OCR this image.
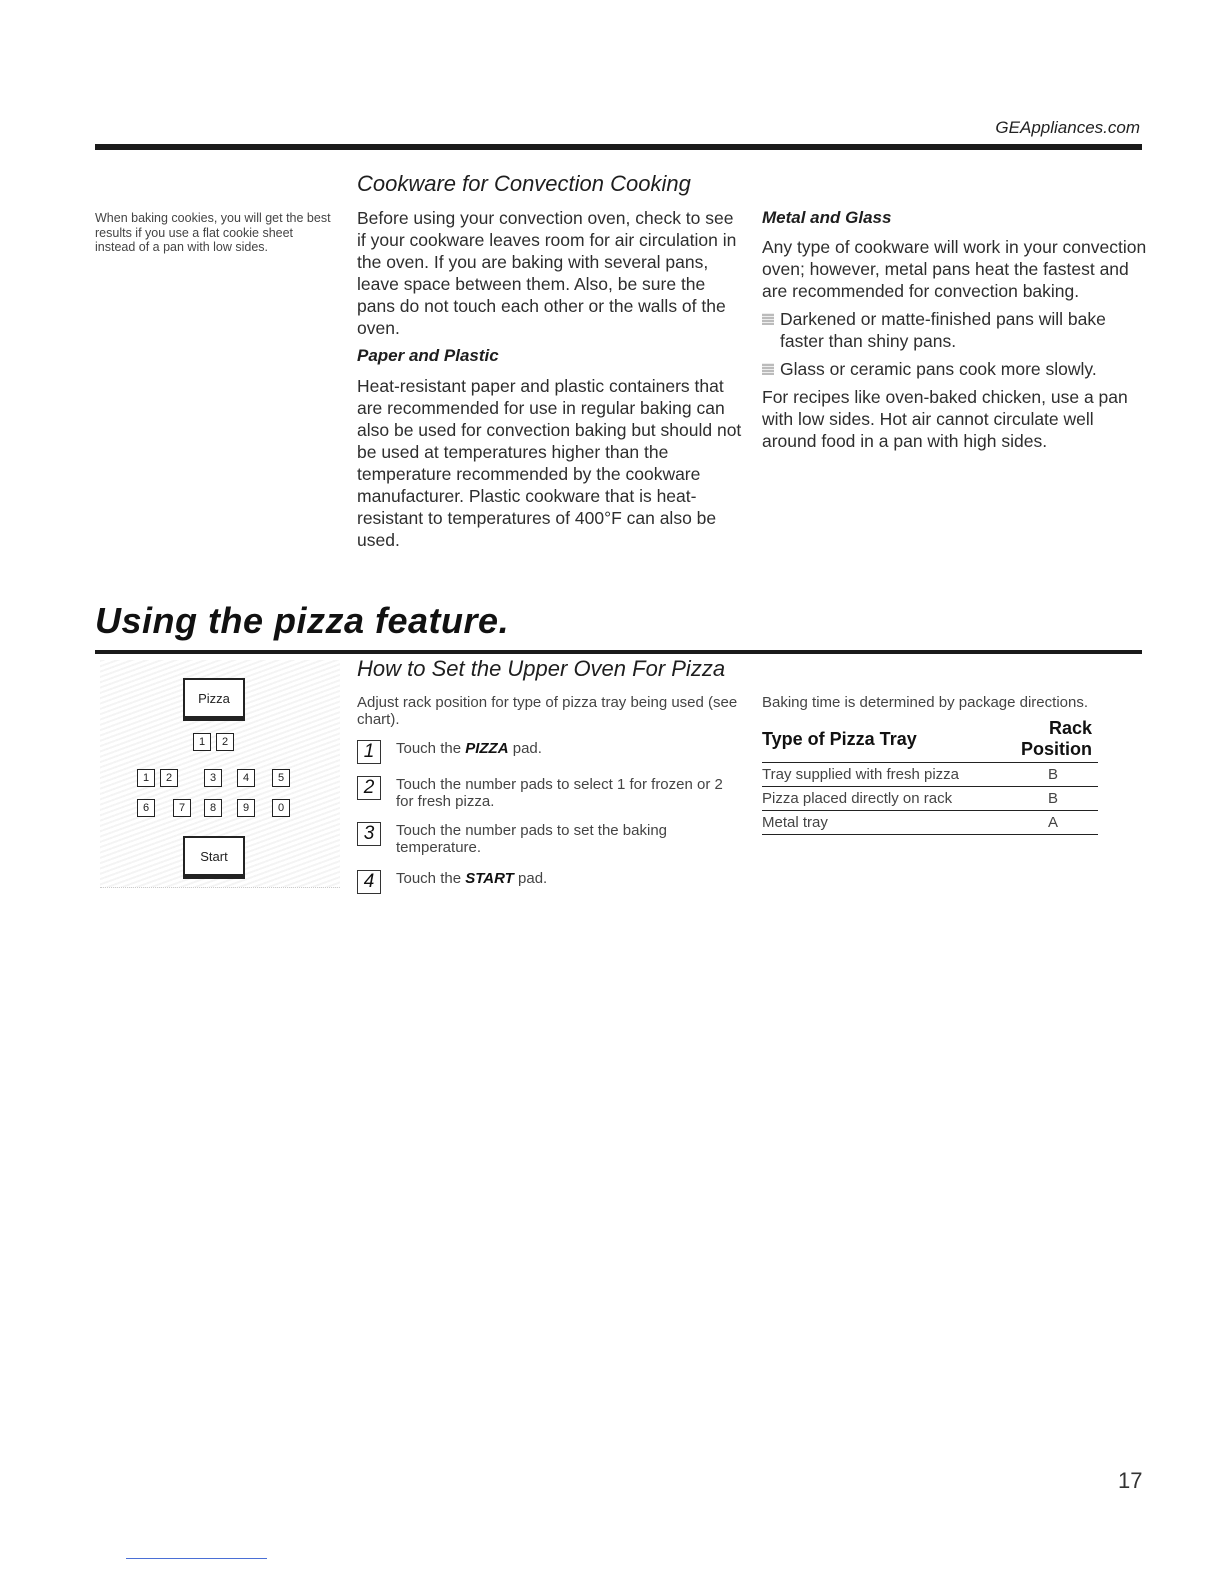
GEAppliances.com
When baking cookies, you will get the best results if you use a flat cookie sheet instead of a pan with low sides.
Cookware for Convection Cooking

Before using your convection oven, check to see if your cookware leaves room for air circulation in the oven. If you are baking with several pans, leave space between them. Also, be sure the pans do not touch each other or the walls of the oven.

Paper and Plastic

Heat-resistant paper and plastic containers that are recommended for use in regular baking can also be used for convection baking but should not be used at temperatures higher than the temperature recommended by the cookware manufacturer. Plastic cookware that is heat-resistant to temperatures of 400°F can also be used.

Metal and Glass

Any type of cookware will work in your convection oven; however, metal pans heat the fastest and are recommended for convection baking.

Darkened or matte-finished pans will bake faster than shiny pans.
Glass or ceramic pans cook more slowly.

For recipes like oven-baked chicken, use a pan with low sides. Hot air cannot circulate well around food in a pan with high sides.

Using the pizza feature.
Pizza
1	2
1	2	3	4	5
6	7	8	9	0
Start
How to Set the Upper Oven For Pizza
Adjust rack position for type of pizza tray being used (see chart).
1	Touch the PIZZA pad.
2	Touch the number pads to select 1 for frozen or 2 for fresh pizza.
3	Touch the number pads to set the baking temperature.
4	Touch the START pad.
Baking time is determined by package directions.
Type of Pizza Tray	Rack Position
Tray supplied with fresh pizza	B
Pizza placed directly on rack	B
Metal tray	A
17
